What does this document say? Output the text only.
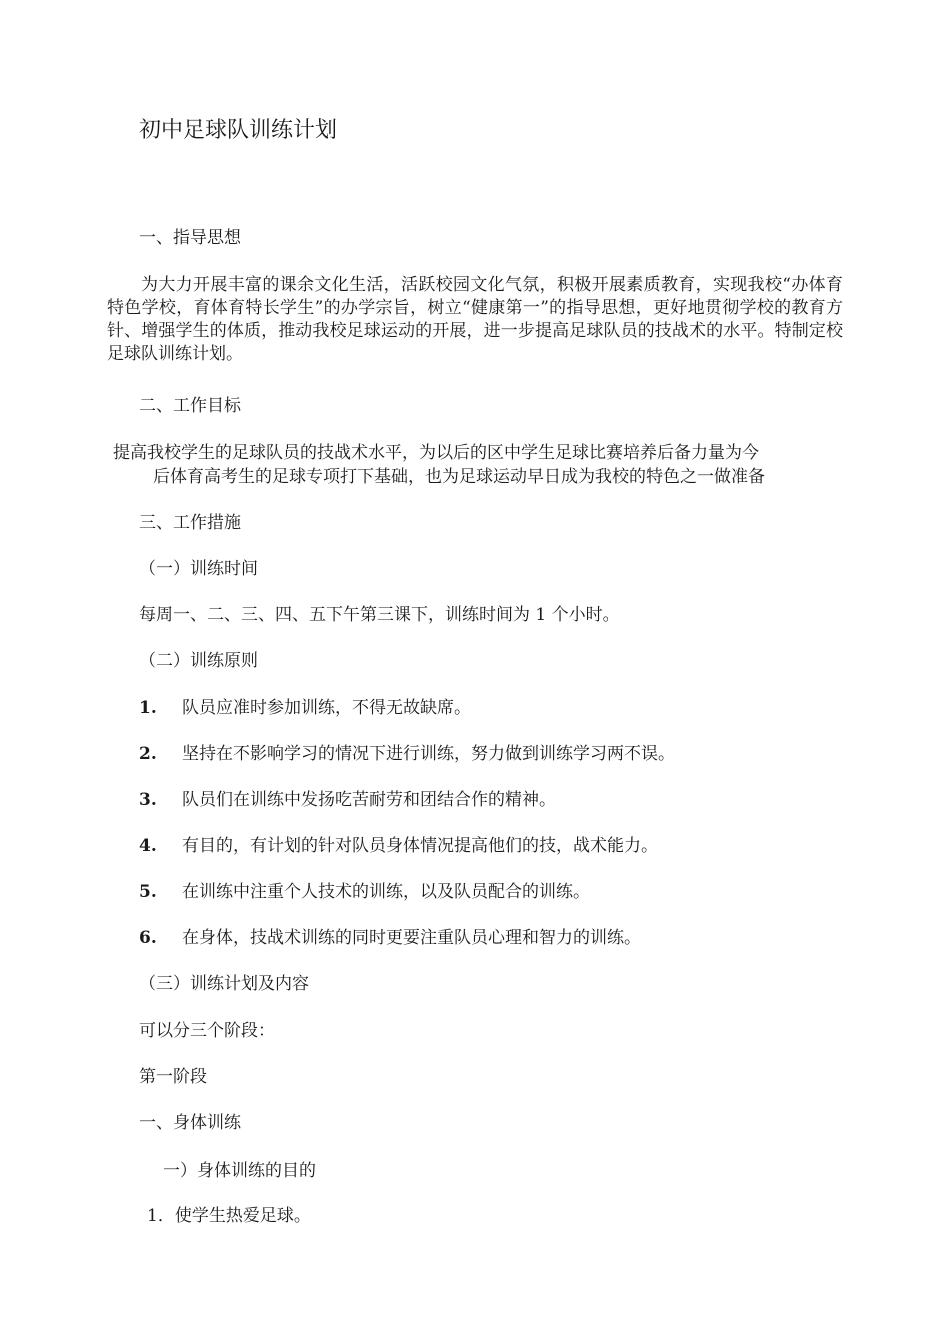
初中足球队训练计划
一、指导思想
为大力开展丰富的课余文化生活，活跃校园文化气氛，积极开展素质教育，实现我校“办体育特色学校，育体育特长学生”的办学宗旨，树立“健康第一”的指导思想，更好地贯彻学校的教育方针、增强学生的体质，推动我校足球运动的开展，进一步提高足球队员的技战术的水平。特制定校足球队训练计划。
二、工作目标
提高我校学生的足球队员的技战术水平，为以后的区中学生足球比赛培养后备力量为今
后体育高考生的足球专项打下基础，也为足球运动早日成为我校的特色之一做准备
三、工作措施
（一）训练时间
每周一、二、三、四、五下午第三课下，训练时间为 1 个小时。
（二）训练原则
1. 队员应准时参加训练，不得无故缺席。
2. 坚持在不影响学习的情况下进行训练，努力做到训练学习两不误。
3. 队员们在训练中发扬吃苦耐劳和团结合作的精神。
4. 有目的，有计划的针对队员身体情况提高他们的技，战术能力。
5. 在训练中注重个人技术的训练，以及队员配合的训练。
6. 在身体，技战术训练的同时更要注重队员心理和智力的训练。
（三）训练计划及内容
可以分三个阶段：
第一阶段
一、身体训练
一）身体训练的目的
1．使学生热爱足球。
